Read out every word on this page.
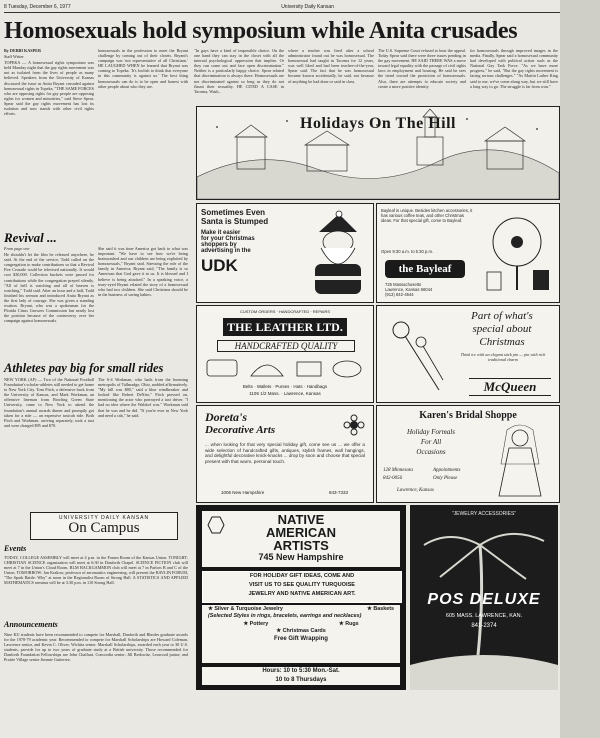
8 Tuesday, December 6, 1977	University Daily Kansan
Homosexuals hold symposium while Anita crusades

By DEBBI KASPER

Staff Writer

TOPEKA — A homosexual rights symposium was held Monday night that the gay rights movement was not as isolated from the lives of people as many believed. Speakers from the University of Kansas discussed the issue as Anita Bryant crusaded against homosexual rights in Topeka. "THE SAME FORCES who are opposing rights for gay people are opposing rights for women and minorities," said Steve Spear. Spear said the gay rights movement has lost its isolation and now stands with other civil rights efforts.

homosexuals in the profession to meet the Bryant challenge by coming out of their closets. Bryant's campaign was 'not representative of all Christians.' HE LAUGHED WHEN he learned that Bryant was coming to Topeka. 'It's foolish to think that everyone in this community is against us.' The best thing homosexuals can do is to be open and honest with other people about who they are.

"In gays have a kind of impossible choice. On the one hand they can stay in the closet with all the internal psychological oppression that implies. Or they can come out and face open discrimination." Neither is a particularly happy choice. Spear related that discrimination is always there. Homosexuals are not discriminated against so long as they do not flaunt their sexuality. HE CITED A CASE in Tacoma, Wash.,

where a teacher was fired after a school administrator found out he was homosexual. The homosexual had taught in Tacoma for 12 years, was well liked and had been teacher-of-the-year, Spear said. The fact that he was homosexual became known accidentally, he said, not because of anything he had done or said in class.

The U.S. Supreme Court refused to hear the appeal. Today Spear said there were three issues pending in the gay movement. HE SAID THERE WAS a move toward legal equality with the passage of civil rights laws in employment and housing. He said he sees the trend toward the protection of homosexuals. Also, there are attempts to educate society and create a more positive identity

for homosexuals through improved images in the media. Finally, Spear said a homosexual community had developed with political action such as the National Gay Task Force. "As we have more progress," he said, "But the gay rights movement is facing serious challenges." "As Martin Luther King said to me, we've come along way, but we still have a long way to go. The struggle is far from won."

Revival ...

From page one

He shouldn't let the film be released anywhere, he said. At the end of the service, Todd called on the congregation to make contributions so that a Revival Fire Crusade could be televised nationally. It would cost $30,000. Collection buckets were passed for contributions while the congregation prayed silently. "All of hell is watching and all of heaven is watching," Todd said. After an hour and a half, Todd finished his sermon and introduced Anita Bryant as the first lady of courage. She was given a standing ovation. Bryant, who was a spokesman for the Florida Citrus Growers Commission but nearly lost the position because of the controversy over her campaign against homosexuals.

She said it was time America got back to what was important. "We have to see how we're being brainwashed and our children are being exploited by homosexuals," Bryant said. Stressing the role of the family in America, Bryant said, "The family is so American that God gave it to us. It is blessed and I believe is being attacked." In a speaking voice, a teary-eyed Bryant related the story of a homosexual who had two children. She said Christians should be in the business of saving babies.

Athletes pay big for small rides

NEW YORK (AP) — Two of the National Football Foundation's scholar-athletes still needed to get home to New York City. Tom Fitch, a defensive back from the University of Kansas, and Mark Workman, an offensive lineman from Bowling Green State University, came to New York to attend the foundation's annual awards dinner and promptly got taken for a ride — an expensive taxicab ride. Both Fitch and Workman, arriving separately, took a taxi and were charged $95 and $70.

The 6-4 Workman, who hails from the booming metropolis of Tallmadge, Ohio, nodded affirmatively. "My bill was $80," said a blue windbreaker and looked like Robert DeNiro," Fitch pressed on, mentioning the actor who portrayed a taxi driver. "I had no idea where the Waldorf was." Workman said that he was and he did. "If you're ever in New York and need a cab," he said.

UNIVERSITY DAILY KANSAN
On Campus
Events
TODAY, COLLEGE ASSEMBLY will meet at 4 p.m. in the Forum Room of the Kansas Union. TONIGHT: CHRISTIAN SCIENCE organization will meet at 6:30 in Danforth Chapel. SCIENCE FICTION club will meet at 7 in the Union's Cloud Room. BLM BACKGAMMON club will meet at 7 in Parlors B and C of the Union. TOMORROW: Jan Krakow, professor of aeronautics engineering, will present the BAVLIN FORUM, "The Spark Battle: Why" at noon in the Regionalist Room of Strong Hall. A STATISTICS AND APPLIED MATHEMATICS seminar will be at 3:30 p.m. in 110 Strong Hall.
Announcements
Nine KU students have been recommended to compete for Marshall, Danforth and Rhodes graduate awards for the 1978-79 academic year. Recommended to compete for Marshall Scholarships are Howard Coleman, Lawrence senior, and Kevin C. Oliver, Wichita senior. Marshall Scholarships, awarded each year to 30 U.S. students, provide for up to two years of graduate study at a British university. Those recommended for Danforth Foundation Fellowships are John Chalfant, Concordia senior; Jill Bedowitz, Leawood junior; and Prairie Village senior Jimmie Gutierrez.
Holidays On The Hill
Sometimes Even
Santa is Stumped
Make it easier
for your Christmas
shoppers by
advertising in the
UDK
Bayleaf is unique. Besides kitchen accessories, it has various coffee teas, and other Christmas ideas. For that special gift, come to Bayleaf.
Open 9:30 a.m. to 5:30 p.m.
the Bayleaf
725 Massachusetts
Lawrence, Kansas 66044
(913) 842-4544
CUSTOM ORDERS · HANDCRAFTED · REPAIRS
THE LEATHER LTD.
HANDCRAFTED QUALITY
Belts · Wallets · Purses · Hats · Handbags
1105 1/2 Mass. · Lawrence, Kansas
Part of what's
special about
Christmas
Think ice with an elegant stick pin — pin with rich traditional charm
McQueen
Doreta's
Decorative Arts
... when looking for that very special holiday gift, come see us ... we offer a wide selection of handcrafted gifts, antiques, stylish frames, wall hangings, and delightful decorative knick-knacks ... drop by soon and choose that special present with that warm, personal touch.
1006 New Hampshire	843-7333
Karen's Bridal Shoppe
Holiday Formals
For All
Occasions
128 Minnesota
842-0056
Appointments
Only Please
Lawrence, Kansas
NATIVE
AMERICAN
ARTISTS
745 New Hampshire
FOR HOLIDAY GIFT IDEAS, COME AND
VISIT US TO SEE QUALITY TURQUOISE
JEWELRY AND NATIVE AMERICAN ART.
★ Silver & Turquoise Jewelry	★ Baskets
(Selected Styles in rings, bracelets, earrings and necklaces)
★ Pottery	★ Rugs
★ Christmas Cards
Free Gift Wrapping
Hours: 10 to 5:30 Mon.-Sat.
10 to 8 Thursdays
"JEWELRY ACCESSORIES"
POS DELUXE
605 MASS. LAWRENCE, KAN.
841-2374
